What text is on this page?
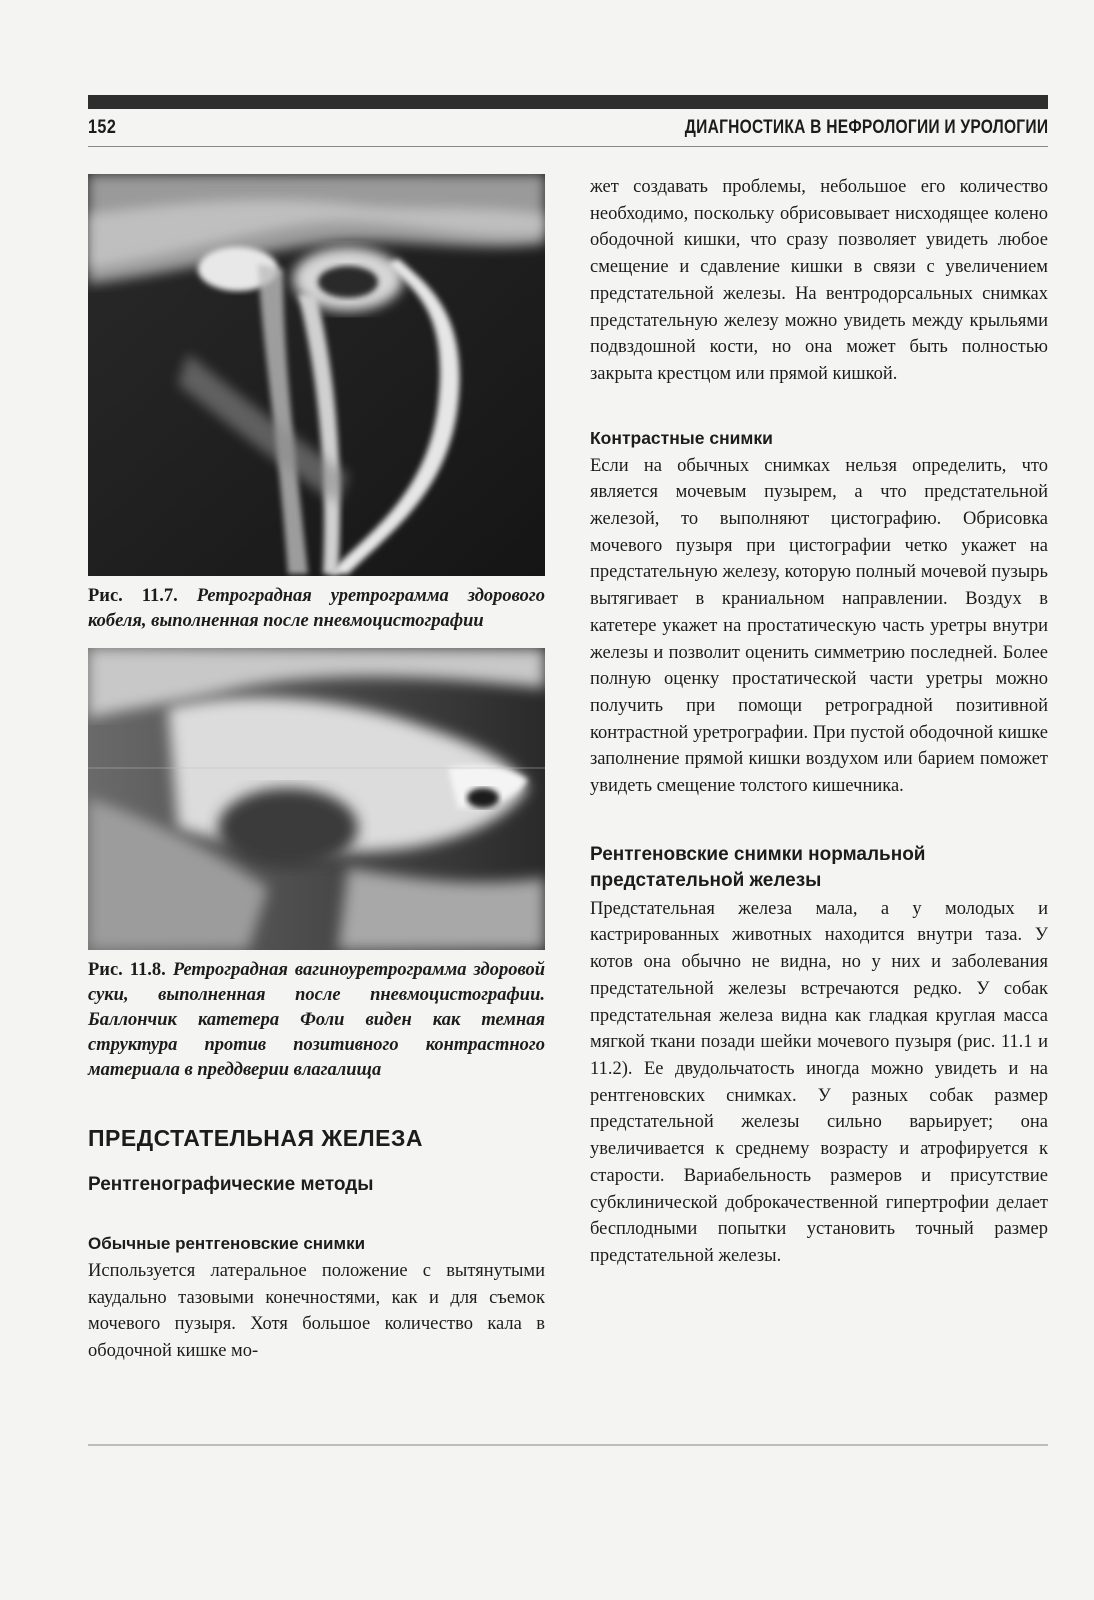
152	ДИАГНОСТИКА В НЕФРОЛОГИИ И УРОЛОГИИ
Рис. 11.7. Ретроградная уретрограмма здорового кобеля, выполненная после пневмоцистографии
Рис. 11.8. Ретроградная вагиноуретрограмма здоровой суки, выполненная после пневмоцистографии. Баллончик катетера Фоли виден как темная структура против позитивного контрастного материала в преддверии влагалища
ПРЕДСТАТЕЛЬНАЯ ЖЕЛЕЗА
Рентгенографические методы
Обычные рентгеновские снимки

Используется латеральное положение с вытянутыми каудально тазовыми конечностями, как и для съемок мочевого пузыря. Хотя большое количество кала в ободочной кишке мо-

жет создавать проблемы, небольшое его количество необходимо, поскольку обрисовывает нисходящее колено ободочной кишки, что сразу позволяет увидеть любое смещение и сдавление кишки в связи с увеличением предстательной железы. На вентродорсальных снимках предстательную железу можно увидеть между крыльями подвздошной кости, но она может быть полностью закрыта крестцом или прямой кишкой.

Контрастные снимки

Если на обычных снимках нельзя определить, что является мочевым пузырем, а что предстательной железой, то выполняют цистографию. Обрисовка мочевого пузыря при цистографии четко укажет на предстательную железу, которую полный мочевой пузырь вытягивает в краниальном направлении. Воздух в катетере укажет на простатическую часть уретры внутри железы и позволит оценить симметрию последней. Более полную оценку простатической части уретры можно получить при помощи ретроградной позитивной контрастной уретрографии. При пустой ободочной кишке заполнение прямой кишки воздухом или барием поможет увидеть смещение толстого кишечника.

Рентгеновские снимки нормальной предстательной железы

Предстательная железа мала, а у молодых и кастрированных животных находится внутри таза. У котов она обычно не видна, но у них и заболевания предстательной железы встречаются редко. У собак предстательная железа видна как гладкая круглая масса мягкой ткани позади шейки мочевого пузыря (рис. 11.1 и 11.2). Ее двудольчатость иногда можно увидеть и на рентгеновских снимках. У разных собак размер предстательной железы сильно варьирует; она увеличивается к среднему возрасту и атрофируется к старости. Вариабельность размеров и присутствие субклинической доброкачественной гипертрофии делает бесплодными попытки установить точный размер предстательной железы.
